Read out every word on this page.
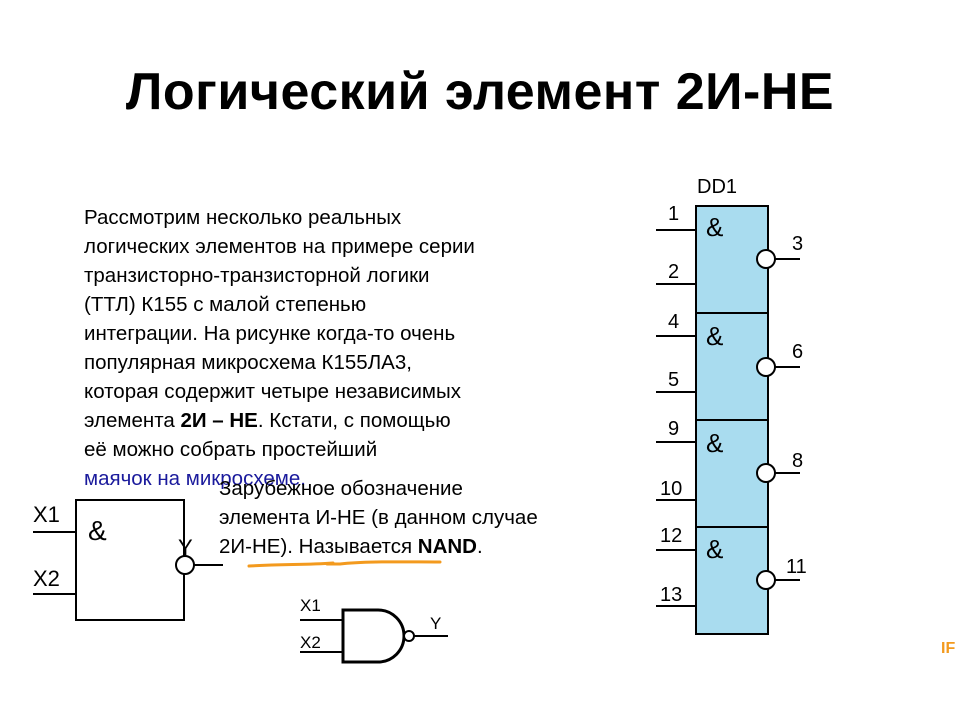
Логический элемент 2И-НЕ
Рассмотрим несколько реальных
логических элементов на примере серии
транзисторно-транзисторной логики
(ТТЛ) К155 с малой степенью
интеграции. На рисунке когда-то очень
популярная микросхема К155ЛА3,
которая содержит четыре независимых
элемента 2И – НЕ. Кстати, с помощью
её можно собрать простейший
маячок на микросхеме.
Зарубежное обозначение
элемента И-НЕ (в данном случае
2И-НЕ). Называется NAND.
X1
X2
&
Y
X1
X2
Y
DD1
1
2
&
3
4
5
&
6
9
10
&
8
12
13
&
11
IF
